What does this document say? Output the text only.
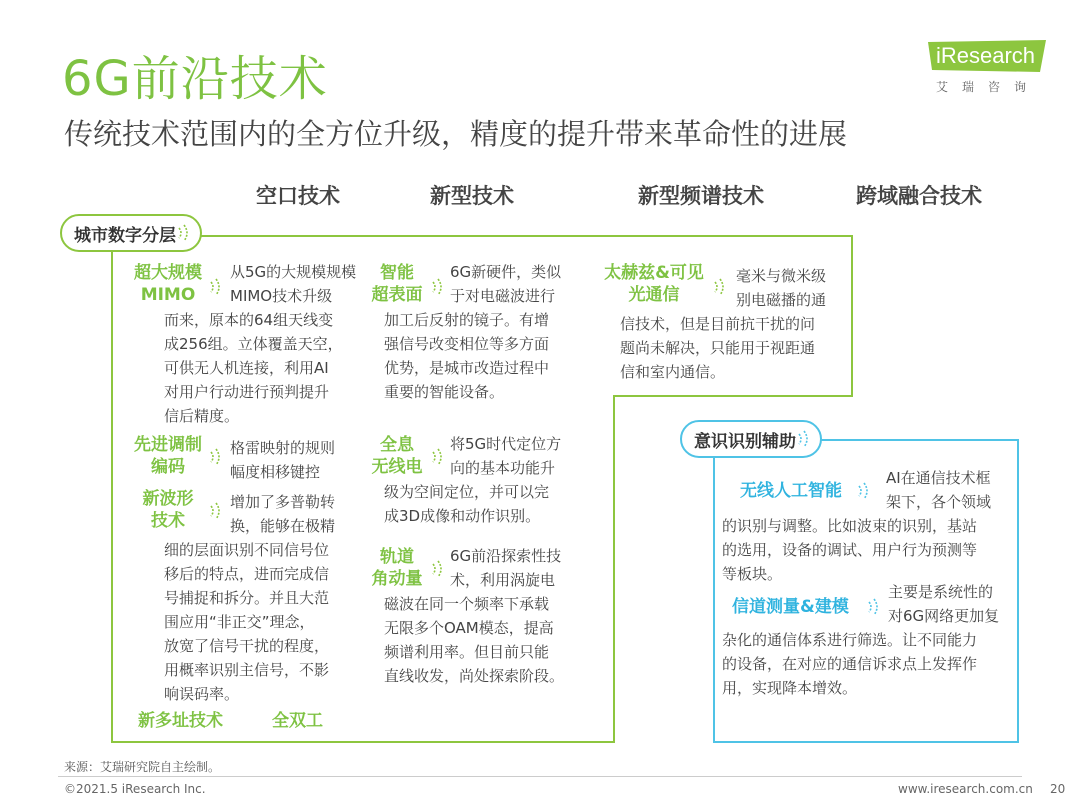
6G前沿技术
传统技术范围内的全方位升级，精度的提升带来革命性的进展
iResearch
艾瑞咨询
空口技术	新型技术	新型频谱技术	跨域融合技术
城市数字分层
意识识别辅助
超大规模
MIMO
从5G的大规模规模
MIMO技术升级
而来，原本的64组天线变
成256组。立体覆盖天空，
可供无人机连接，利用AI
对用户行动进行预判提升
信后精度。
先进调制
编码
格雷映射的规则
幅度相移键控
新波形
技术
增加了多普勒转
换，能够在极精
细的层面识别不同信号位
移后的特点，进而完成信
号捕捉和拆分。并且大范
围应用“非正交”理念，
放宽了信号干扰的程度，
用概率识别主信号，不影
响误码率。
新多址技术	全双工
智能
超表面
6G新硬件，类似
于对电磁波进行
加工后反射的镜子。有增
强信号改变相位等多方面
优势，是城市改造过程中
重要的智能设备。
全息
无线电
将5G时代定位方
向的基本功能升
级为空间定位，并可以完
成3D成像和动作识别。
轨道
角动量
6G前沿探索性技
术，利用涡旋电
磁波在同一个频率下承载
无限多个OAM模态，提高
频谱利用率。但目前只能
直线收发，尚处探索阶段。
太赫兹&可见
光通信
毫米与微米级
别电磁播的通
信技术，但是目前抗干扰的问
题尚未解决，只能用于视距通
信和室内通信。
无线人工智能
AI在通信技术框
架下，各个领域
的识别与调整。比如波束的识别，基站
的选用，设备的调试、用户行为预测等
等板块。
信道测量&建模
主要是系统性的
对6G网络更加复
杂化的通信体系进行筛选。让不同能力
的设备，在对应的通信诉求点上发挥作
用，实现降本增效。
来源：艾瑞研究院自主绘制。
©2021.5 iResearch Inc.	www.iresearch.com.cn 20
